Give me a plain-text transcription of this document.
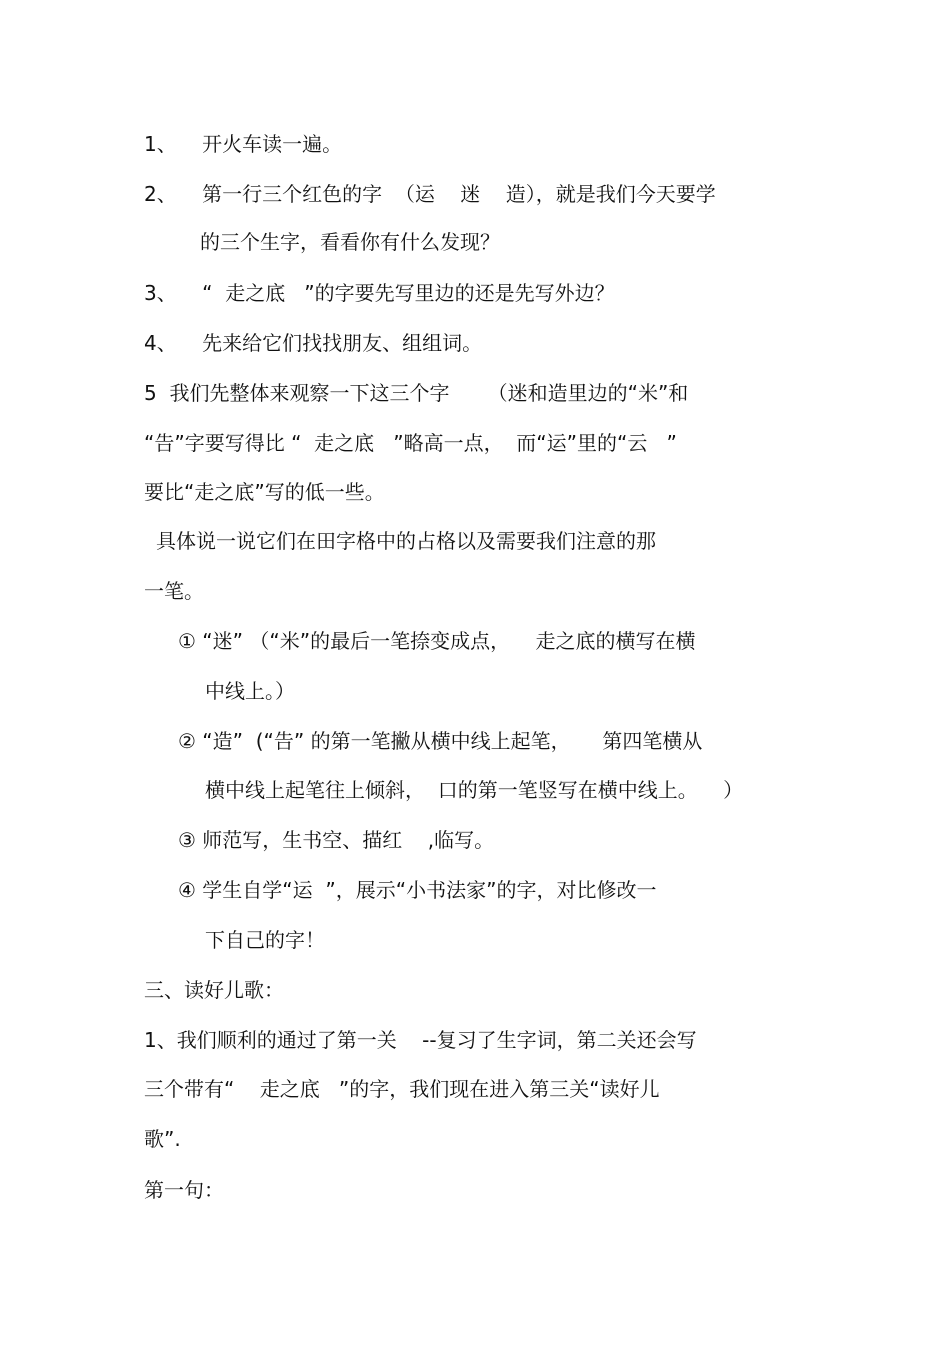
1、    开火车读一遍。
2、    第一行三个红色的字  （运    迷    造），就是我们今天要学
的三个生字，看看你有什么发现？
3、    “  走之底   ”的字要先写里边的还是先写外边？
4、    先来给它们找找朋友、组组词。
5  我们先整体来观察一下这三个字      （迷和造里边的“米”和
“告”字要写得比 “  走之底   ”略高一点，  而“运”里的“云   ”
要比“走之底”写的低一些。
具体说一说它们在田字格中的占格以及需要我们注意的那
一笔。
① “迷” （“米”的最后一笔捺变成点，    走之底的横写在横
中线上。）
② “造”  (“告” 的第一笔撇从横中线上起笔，     第四笔横从
横中线上起笔往上倾斜，  口的第一笔竖写在横中线上。    ）
③ 师范写，生书空、描红    ,临写。
④ 学生自学“运  ”，展示“小书法家”的字，对比修改一
下自己的字！
三、读好儿歌：
1、我们顺利的通过了第一关    --复习了生字词，第二关还会写
三个带有“    走之底   ”的字，我们现在进入第三关“读好儿
歌”.
第一句：
